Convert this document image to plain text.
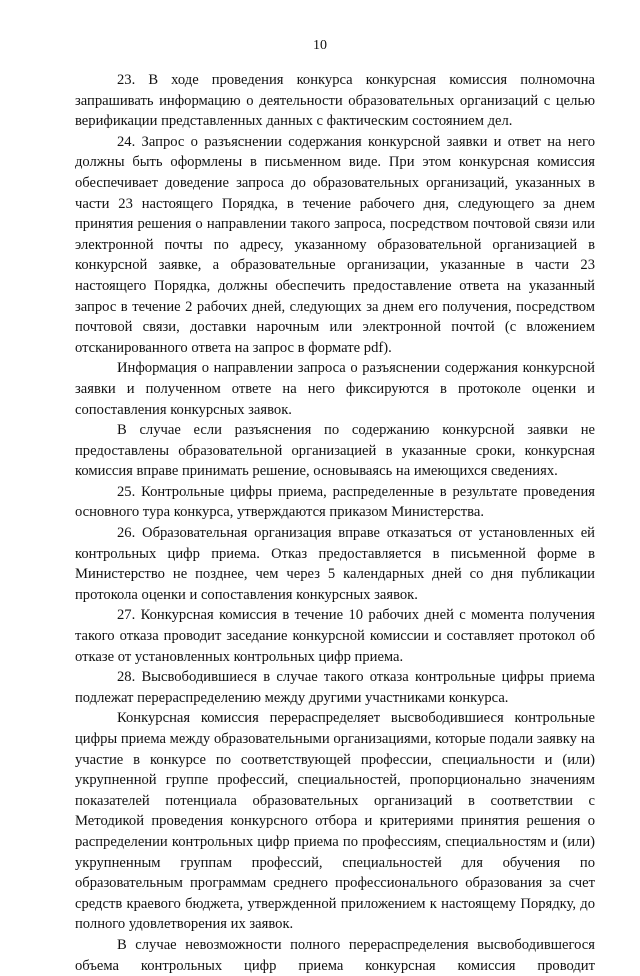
10

23. В ходе проведения конкурса конкурсная комиссия полномочна запрашивать информацию о деятельности образовательных организаций с целью верификации представленных данных с фактическим состоянием дел.

24. Запрос о разъяснении содержания конкурсной заявки и ответ на него должны быть оформлены в письменном виде. При этом конкурсная комиссия обеспечивает доведение запроса до образовательных организаций, указанных в части 23 настоящего Порядка, в течение рабочего дня, следующего за днем принятия решения о направлении такого запроса, посредством почтовой связи или электронной почты по адресу, указанному образовательной организацией в конкурсной заявке, а образовательные организации, указанные в части 23 настоящего Порядка, должны обеспечить предоставление ответа на указанный запрос в течение 2 рабочих дней, следующих за днем его получения, посредством почтовой связи, доставки нарочным или электронной почтой (с вложением отсканированного ответа на запрос в формате pdf).

Информация о направлении запроса о разъяснении содержания конкурсной заявки и полученном ответе на него фиксируются в протоколе оценки и сопоставления конкурсных заявок.

В случае если разъяснения по содержанию конкурсной заявки не предоставлены образовательной организацией в указанные сроки, конкурсная комиссия вправе принимать решение, основываясь на имеющихся сведениях.

25. Контрольные цифры приема, распределенные в результате проведения основного тура конкурса, утверждаются приказом Министерства.

26. Образовательная организация вправе отказаться от установленных ей контрольных цифр приема. Отказ предоставляется в письменной форме в Министерство не позднее, чем через 5 календарных дней со дня публикации протокола оценки и сопоставления конкурсных заявок.

27. Конкурсная комиссия в течение 10 рабочих дней с момента получения такого отказа проводит заседание конкурсной комиссии и составляет протокол об отказе от установленных контрольных цифр приема.

28. Высвободившиеся в случае такого отказа контрольные цифры приема подлежат перераспределению между другими участниками конкурса.

Конкурсная комиссия перераспределяет высвободившиеся контрольные цифры приема между образовательными организациями, которые подали заявку на участие в конкурсе по соответствующей профессии, специальности и (или) укрупненной группе профессий, специальностей, пропорционально значениям показателей потенциала образовательных организаций в соответствии с Методикой проведения конкурсного отбора и критериями принятия решения о распределении контрольных цифр приема по профессиям, специальностям и (или) укрупненным группам профессий, специальностей для обучения по образовательным программам среднего профессионального образования за счет средств краевого бюджета, утвержденной приложением к настоящему Порядку, до полного удовлетворения их заявок.

В случае невозможности полного перераспределения высвободившегося объема контрольных цифр приема конкурсная комиссия проводит
